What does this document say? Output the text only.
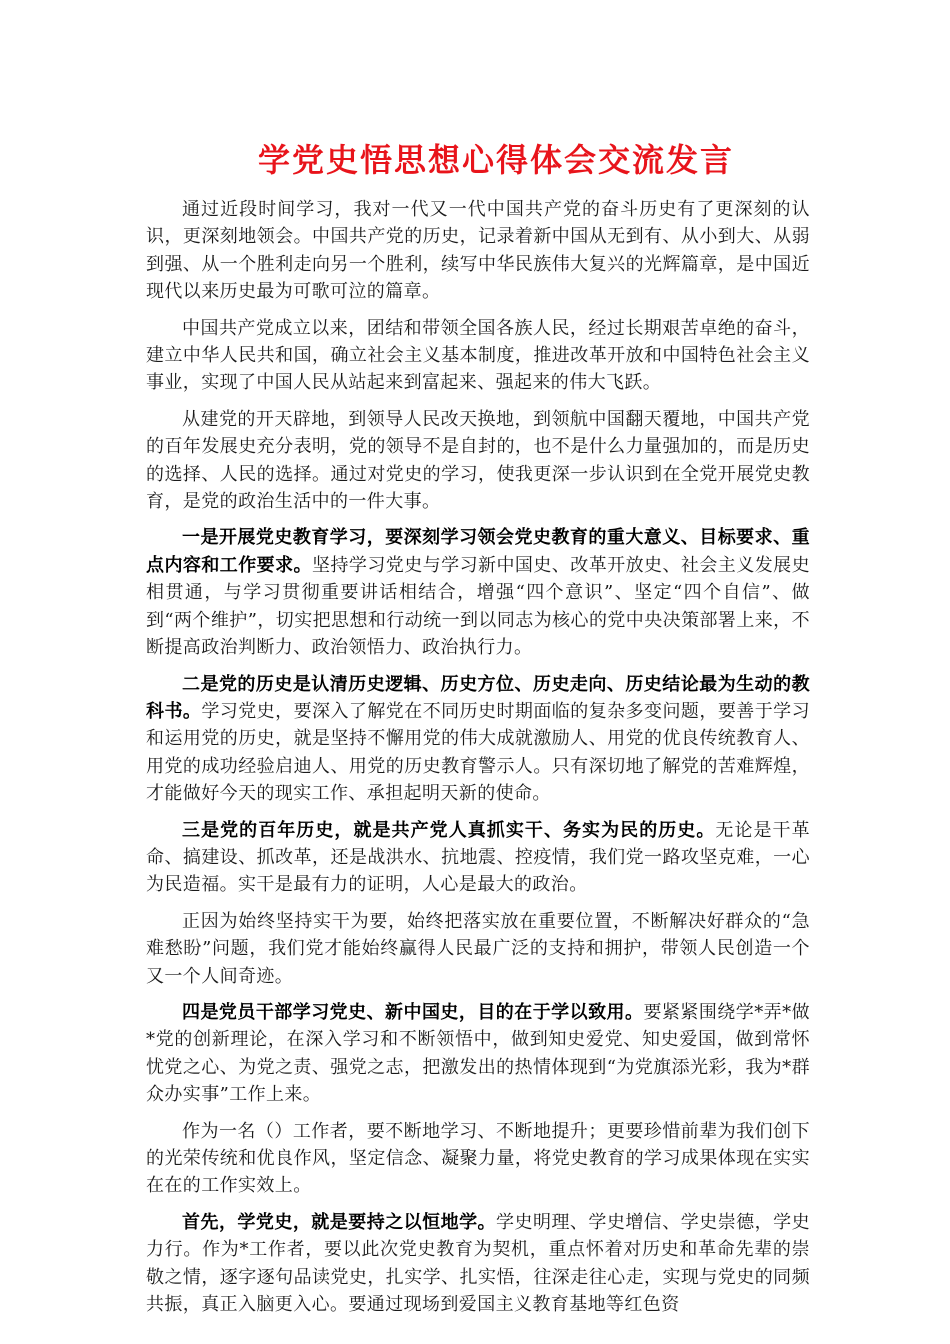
学党史悟思想心得体会交流发言

通过近段时间学习，我对一代又一代中国共产党的奋斗历史有了更深刻的认识，更深刻地领会。中国共产党的历史，记录着新中国从无到有、从小到大、从弱到强、从一个胜利走向另一个胜利，续写中华民族伟大复兴的光辉篇章，是中国近现代以来历史最为可歌可泣的篇章。

中国共产党成立以来，团结和带领全国各族人民，经过长期艰苦卓绝的奋斗，建立中华人民共和国，确立社会主义基本制度，推进改革开放和中国特色社会主义事业，实现了中国人民从站起来到富起来、强起来的伟大飞跃。

从建党的开天辟地，到领导人民改天换地，到领航中国翻天覆地，中国共产党的百年发展史充分表明，党的领导不是自封的，也不是什么力量强加的，而是历史的选择、人民的选择。通过对党史的学习，使我更深一步认识到在全党开展党史教育，是党的政治生活中的一件大事。

一是开展党史教育学习，要深刻学习领会党史教育的重大意义、目标要求、重点内容和工作要求。坚持学习党史与学习新中国史、改革开放史、社会主义发展史相贯通，与学习贯彻重要讲话相结合，增强“四个意识”、坚定“四个自信”、做到“两个维护”，切实把思想和行动统一到以同志为核心的党中央决策部署上来，不断提高政治判断力、政治领悟力、政治执行力。

二是党的历史是认清历史逻辑、历史方位、历史走向、历史结论最为生动的教科书。学习党史，要深入了解党在不同历史时期面临的复杂多变问题，要善于学习和运用党的历史，就是坚持不懈用党的伟大成就激励人、用党的优良传统教育人、用党的成功经验启迪人、用党的历史教育警示人。只有深切地了解党的苦难辉煌，才能做好今天的现实工作、承担起明天新的使命。

三是党的百年历史，就是共产党人真抓实干、务实为民的历史。无论是干革命、搞建设、抓改革，还是战洪水、抗地震、控疫情，我们党一路攻坚克难，一心为民造福。实干是最有力的证明，人心是最大的政治。

正因为始终坚持实干为要，始终把落实放在重要位置，不断解决好群众的“急难愁盼”问题，我们党才能始终赢得人民最广泛的支持和拥护，带领人民创造一个又一个人间奇迹。

四是党员干部学习党史、新中国史，目的在于学以致用。要紧紧围绕学*弄*做*党的创新理论，在深入学习和不断领悟中，做到知史爱党、知史爱国，做到常怀忧党之心、为党之责、强党之志，把激发出的热情体现到“为党旗添光彩，我为*群众办实事”工作上来。

作为一名（）工作者，要不断地学习、不断地提升；更要珍惜前辈为我们创下的光荣传统和优良作风，坚定信念、凝聚力量，将党史教育的学习成果体现在实实在在的工作实效上。

首先，学党史，就是要持之以恒地学。学史明理、学史增信、学史崇德，学史力行。作为*工作者，要以此次党史教育为契机，重点怀着对历史和革命先辈的崇敬之情，逐字逐句品读党史，扎实学、扎实悟，往深走往心走，实现与党史的同频共振，真正入脑更入心。要通过现场到爱国主义教育基地等红色资
